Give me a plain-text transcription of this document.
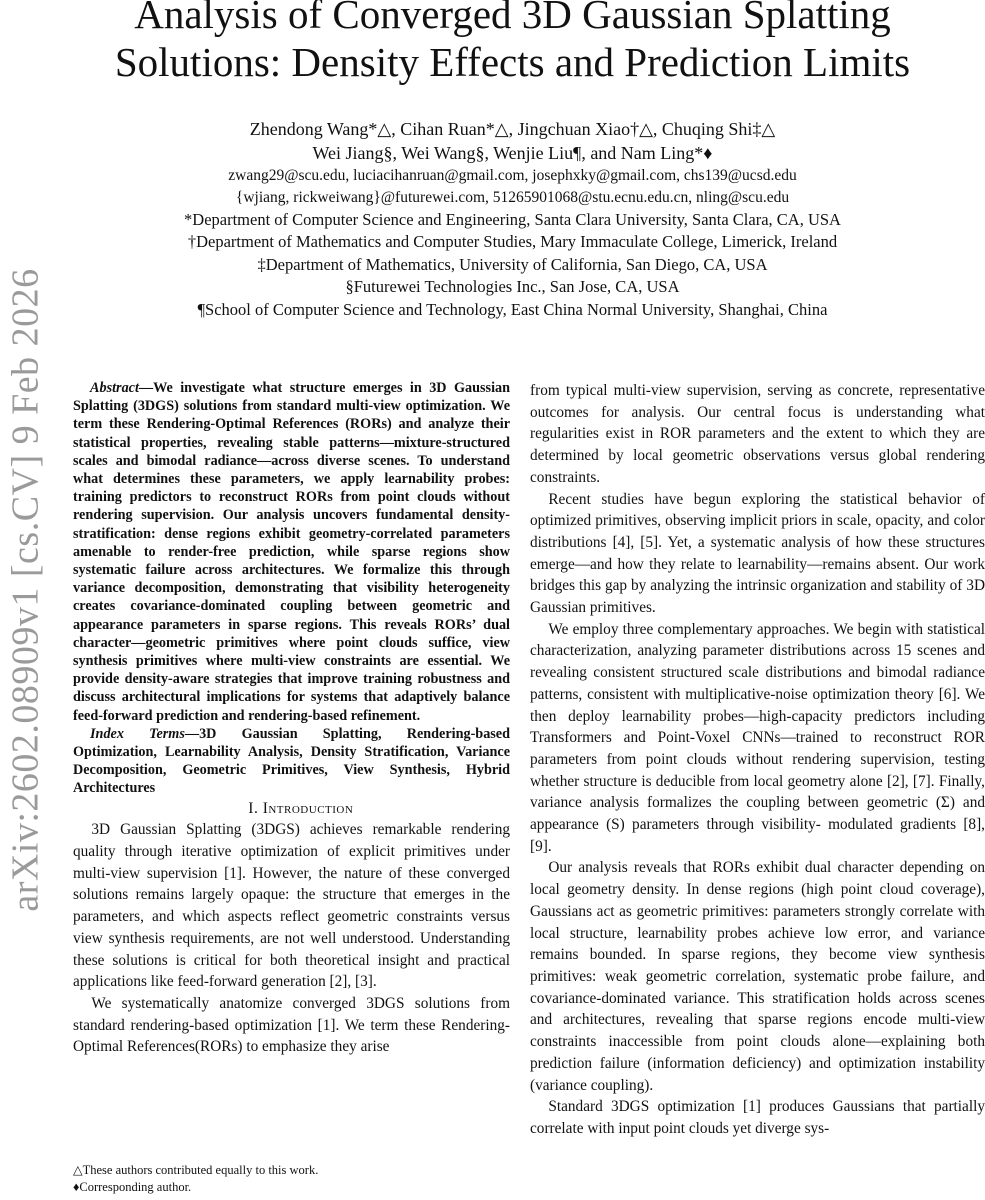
arXiv:2602.08909v1 [cs.CV] 9 Feb 2026
Analysis of Converged 3D Gaussian Splatting
Solutions: Density Effects and Prediction Limits

Zhendong Wang*△, Cihan Ruan*△, Jingchuan Xiao†△, Chuqing Shi‡△

Wei Jiang§, Wei Wang§, Wenjie Liu¶, and Nam Ling*♦

zwang29@scu.edu, luciacihanruan@gmail.com, josephxky@gmail.com, chs139@ucsd.edu

{wjiang, rickweiwang}@futurewei.com, 51265901068@stu.ecnu.edu.cn, nling@scu.edu

*Department of Computer Science and Engineering, Santa Clara University, Santa Clara, CA, USA

†Department of Mathematics and Computer Studies, Mary Immaculate College, Limerick, Ireland

‡Department of Mathematics, University of California, San Diego, CA, USA

§Futurewei Technologies Inc., San Jose, CA, USA

¶School of Computer Science and Technology, East China Normal University, Shanghai, China

Abstract—We investigate what structure emerges in 3D Gaussian Splatting (3DGS) solutions from standard multi-view optimization. We term these Rendering-Optimal References (RORs) and analyze their statistical properties, revealing stable patterns—mixture-structured scales and bimodal radiance—across diverse scenes. To understand what determines these parameters, we apply learnability probes: training predictors to reconstruct RORs from point clouds without rendering supervision. Our analysis uncovers fundamental density-stratification: dense regions exhibit geometry-correlated parameters amenable to render-free prediction, while sparse regions show systematic failure across architectures. We formalize this through variance decomposition, demonstrating that visibility heterogeneity creates covariance-dominated coupling between geometric and appearance parameters in sparse regions. This reveals RORs’ dual character—geometric primitives where point clouds suffice, view synthesis primitives where multi-view constraints are essential. We provide density-aware strategies that improve training robustness and discuss architectural implications for systems that adaptively balance feed-forward prediction and rendering-based refinement.

Index Terms—3D Gaussian Splatting, Rendering-based Optimization, Learnability Analysis, Density Stratification, Variance Decomposition, Geometric Primitives, View Synthesis, Hybrid Architectures

I. Introduction

3D Gaussian Splatting (3DGS) achieves remarkable rendering quality through iterative optimization of explicit primitives under multi-view supervision [1]. However, the nature of these converged solutions remains largely opaque: the structure that emerges in the parameters, and which aspects reflect geometric constraints versus view synthesis requirements, are not well understood. Understanding these solutions is critical for both theoretical insight and practical applications like feed-forward generation [2], [3].

We systematically anatomize converged 3DGS solutions from standard rendering-based optimization [1]. We term these Rendering-Optimal References(RORs) to emphasize they arise

△These authors contributed equally to this work.
♦Corresponding author.

from typical multi-view supervision, serving as concrete, representative outcomes for analysis. Our central focus is understanding what regularities exist in ROR parameters and the extent to which they are determined by local geometric observations versus global rendering constraints.

Recent studies have begun exploring the statistical behavior of optimized primitives, observing implicit priors in scale, opacity, and color distributions [4], [5]. Yet, a systematic analysis of how these structures emerge—and how they relate to learnability—remains absent. Our work bridges this gap by analyzing the intrinsic organization and stability of 3D Gaussian primitives.

We employ three complementary approaches. We begin with statistical characterization, analyzing parameter distributions across 15 scenes and revealing consistent structured scale distributions and bimodal radiance patterns, consistent with multiplicative-noise optimization theory [6]. We then deploy learnability probes—high-capacity predictors including Transformers and Point-Voxel CNNs—trained to reconstruct ROR parameters from point clouds without rendering supervision, testing whether structure is deducible from local geometry alone [2], [7]. Finally, variance analysis formalizes the coupling between geometric (Σ) and appearance (S) parameters through visibility- modulated gradients [8], [9].

Our analysis reveals that RORs exhibit dual character depending on local geometry density. In dense regions (high point cloud coverage), Gaussians act as geometric primitives: parameters strongly correlate with local structure, learnability probes achieve low error, and variance remains bounded. In sparse regions, they become view synthesis primitives: weak geometric correlation, systematic probe failure, and covariance-dominated variance. This stratification holds across scenes and architectures, revealing that sparse regions encode multi-view constraints inaccessible from point clouds alone—explaining both prediction failure (information deficiency) and optimization instability (variance coupling).

Standard 3DGS optimization [1] produces Gaussians that partially correlate with input point clouds yet diverge sys-
